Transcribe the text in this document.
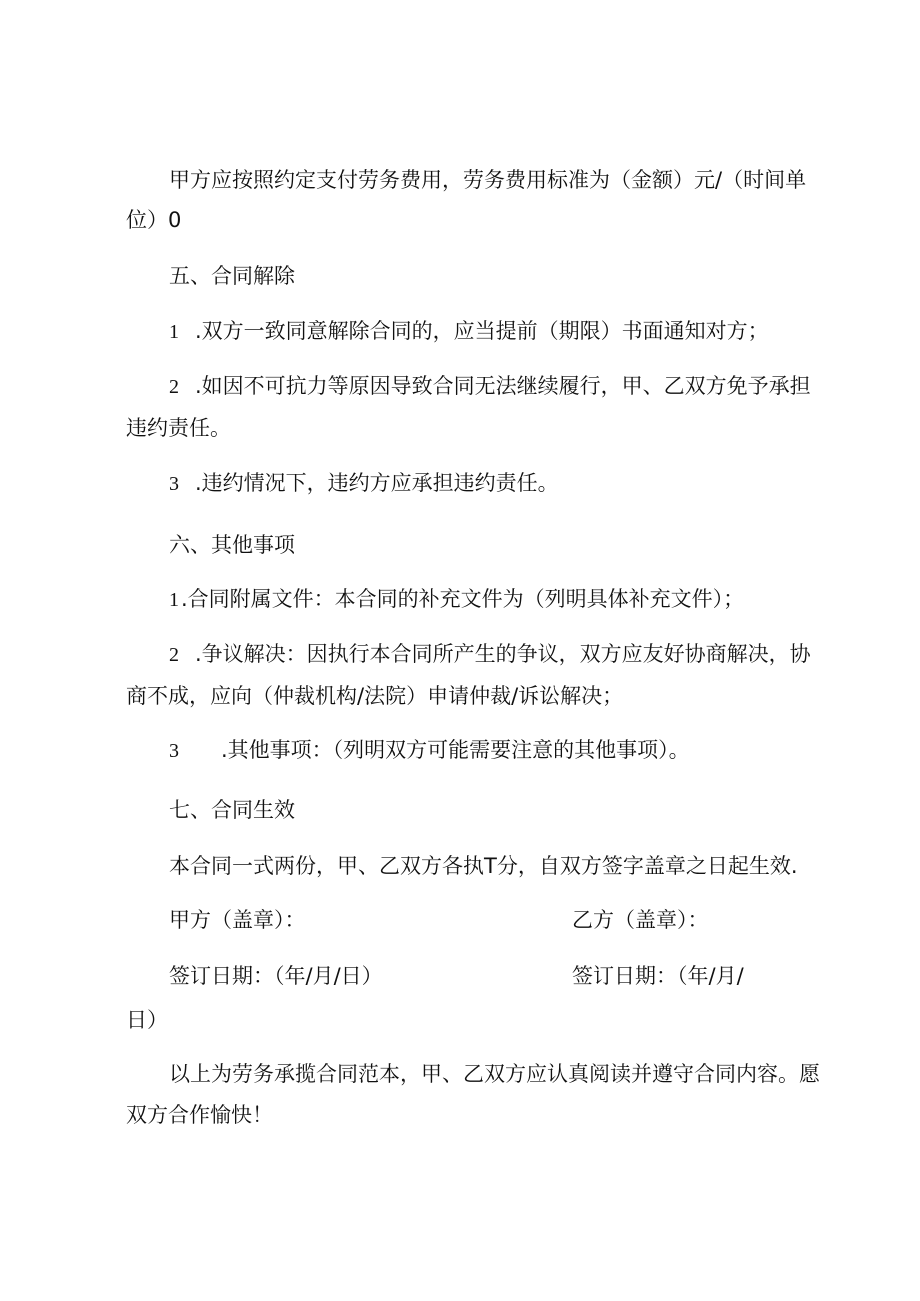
甲方应按照约定支付劳务费用，劳务费用标准为（金额）元/（时间单
位）0
五、合同解除
1 .双方一致同意解除合同的，应当提前（期限）书面通知对方；
2 .如因不可抗力等原因导致合同无法继续履行，甲、乙双方免予承担
违约责任。
3 .违约情况下，违约方应承担违约责任。
六、其他事项
1.合同附属文件：本合同的补充文件为（列明具体补充文件）；
2 .争议解决：因执行本合同所产生的争议，双方应友好协商解决，协
商不成，应向（仲裁机构/法院）申请仲裁/诉讼解决；
3 .其他事项：（列明双方可能需要注意的其他事项）。
七、合同生效
本合同一式两份，甲、乙双方各执T分，自双方签字盖章之日起生效.
甲方（盖章）：	乙方（盖章）：
签订日期：（年/月/日）	签订日期：（年/月/
日）
以上为劳务承揽合同范本，甲、乙双方应认真阅读并遵守合同内容。愿
双方合作愉快！
